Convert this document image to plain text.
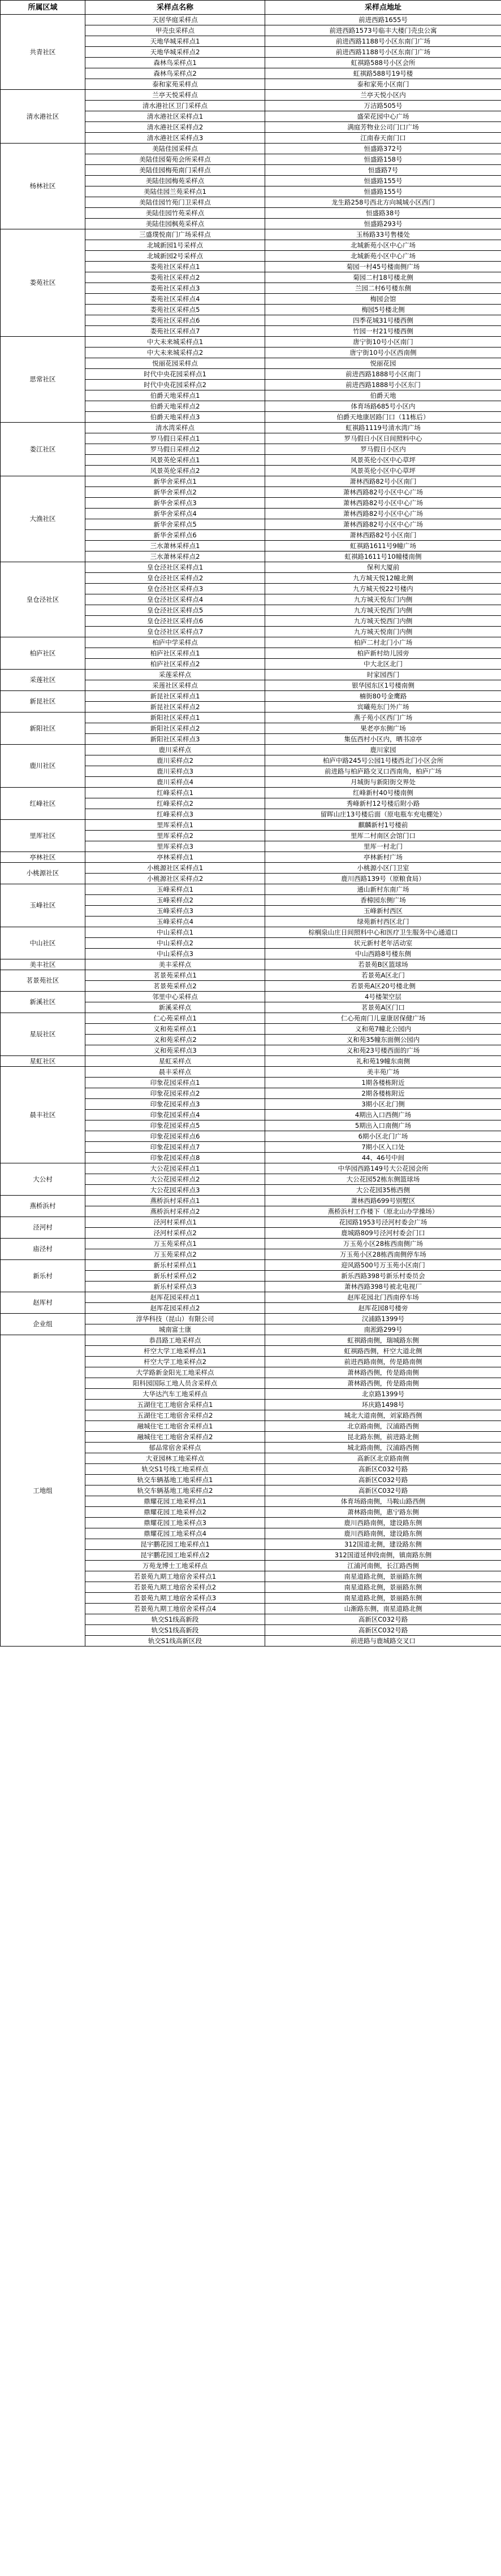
所属区域	采样点名称	采样点地址
共青社区	天居华庭采样点	前进西路1655号
	甲壳虫采样点	前进西路1573号临丰大楼门壳虫公寓
	天地华城采样点1	前进西路1188号小区东南门广场
	天地华城采样点2	前进西路1188号小区东南门广场
	森林鸟采样点1	虹祺路588号小区会所
	森林鸟采样点2	虹祺路588号19号楼
	泰和家苑采样点	泰和家苑小区南门
清水港社区	兰亭天悦采样点	兰亭天悦小区内
	清水港社区卫门采样点	万洁路505号
	清水港社区采样点1	盛荣花园中心广场
	清水港社区采样点2	满庭芳物业公司门口广场
	清水港社区采样点3	江南春天南门口
杨林社区	美陆佳园采样点	恒盛路372号
	美陆佳园菊苑会所采样点	恒盛路158号
	美陆佳园梅苑南门采样点	恒盛路7号
	美陆佳园梅苑采样点	恒盛路155号
	美陆佳园兰苑采样点1	恒盛路155号
	美陆佳园竹苑门卫采样点	龙生路258号西北方向城城小区西门
	美陆佳园竹苑采样点	恒盛路38号
	美陆佳园枫苑采样点	恒盛路293号
娄苑社区	三盛璞悦南门广场采样点	玉杨路33号售楼处
	北城新园1号采样点	北城新苑小区中心广场
	北城新园2号采样点	北城新苑小区中心广场
	娄苑社区采样点1	菊园一村45号楼南侧广场
	娄苑社区采样点2	菊园二村18号楼北侧
	娄苑社区采样点3	兰园二村6号楼东侧
	娄苑社区采样点4	梅园会馆
	娄苑社区采样点5	梅园5号楼北侧
	娄苑社区采样点6	四季花城31号楼西侧
	娄苑社区采样点7	竹园一村21号楼西侧
思常社区	中大未来城采样点1	唐宁街10号小区南门
	中大未来城采样点2	唐宁街10号小区西南侧
	悦丽花园采样点	悦丽花园
	时代中央花园采样点1	前进西路1888号小区南门
	时代中央花园采样点2	前进西路1888号小区东门
	伯爵天地采样点1	伯爵天地
	伯爵天地采样点2	体育场路685号小区内
	伯爵天地采样点3	伯爵天地康居路门口（11栋后）
娄江社区	清水湾采样点	虹祺路1119号清水湾广场
	罗马假日采样点1	罗马假日小区日间照料中心
	罗马假日采样点2	罗马假日小区内
	风景英伦采样点1	风景英伦小区中心草坪
	风景英伦采样点2	风景英伦小区中心草坪
大渔社区	新华舍采样点1	萧林西路82号小区南门
	新华舍采样点2	萧林西路82号小区中心广场
	新华舍采样点3	萧林西路82号小区中心广场
	新华舍采样点4	萧林西路82号小区中心广场
	新华舍采样点5	萧林西路82号小区中心广场
	新华舍采样点6	萧林西路82号小区南门
	三水萧林采样点1	虹祺路1611号9幢广场
	三水萧林采样点2	虹祺路1611号10幢楼南侧
皇仓泾社区	皇仓泾社区采样点1	保利大厦前
	皇仓泾社区采样点2	九方城天悦12幢北侧
	皇仓泾社区采样点3	九方城天悦22号楼内
	皇仓泾社区采样点4	九方城天悦东门内侧
	皇仓泾社区采样点5	九方城天悦西门内侧
	皇仓泾社区采样点6	九方城天悦西门内侧
	皇仓泾社区采样点7	九方城天悦南门内侧
柏庐社区	柏庐中学采样点	柏庐二村北门小广场
	柏庐社区采样点1	柏庐新村幼儿园旁
	柏庐社区采样点2	中大北区北门
采莲社区	采莲采样点	时家园西门
	采莲社区采样点	银华园东区1号楼南侧
新昆社区	新昆社区采样点1	楠街80号金鹰路
	新昆社区采样点2	宾曦苑东门外广场
新阳社区	新阳社区采样点1	燕子苑小区西门广场
	新阳社区采样点2	果老亭东侧广场
	新阳社区采样点3	集伍西村小区内，晒书凉亭
鹿川社区	鹿川采样点	鹿川家园
	鹿川采样点2	柏庐中路245号公园1号楼西北门小区会所
	鹿川采样点3	前进路与柏庐路交叉口西南角，柏庐广场
	鹿川采样点4	月城街与新阳街交界处
红峰社区	红峰采样点1	红峰新村40号楼南侧
	红峰采样点2	秀峰新村12号楼后附小路
	红峰采样点3	留晖山庄13号楼后面（原电瓶车充电棚处）
里厍社区	里厍采样点1	麒麟新村1号楼前
	里厍采样点2	里厍二村南区会馆门口
	里厍采样点3	里厍一村北门
亭林社区	亭林采样点1	亭林新村广场
小桃源社区	小桃源社区采样点1	小桃源小区门卫室
	小桃源社区采样点2	鹿川西路139号（原粮食局）
玉峰社区	玉峰采样点1	通山新村东南广场
	玉峰采样点2	香樟园东侧广场
	玉峰采样点3	玉峰新村西区
	玉峰采样点4	绿苑新村西区北门
中山社区	中山采样点1	棕榈泉山庄日间照料中心和医疗卫生服务中心通道口
	中山采样点2	状元新村老年活动室
	中山采样点3	中山西路8号楼东侧
美丰社区	美丰采样点	若景苑B区篮球场
茗景苑社区	茗景苑采样点1	若景苑A区北门
	茗景苑采样点2	若景苑A区20号楼北侧
新溪社区	邻里中心采样点	4号楼架空层
	新溪采样点	茗景苑A区门口
星辰社区	仁心苑采样点1	仁心苑南门儿童康居保健广场
	义和苑采样点1	义和苑7幢北公园内
	义和苑采样点2	义和苑35幢东面侧公园内
	义和苑采样点3	义和苑23号楼西面的广场
星虹社区	星虹采样点	礼和苑19幢东南侧
晨丰社区	晨丰采样点	美丰苑广场
	印象花园采样点1	1期各楼栋附近
	印象花园采样点2	2期各楼栋附近
	印象花园采样点3	3期小区北门侧
	印象花园采样点4	4期出入口西侧广场
	印象花园采样点5	5期出入口南侧广场
	印象花园采样点6	6期小区北门广场
	印象花园采样点7	7期小区入口处
	印象花园采样点8	44、46号中间
大公村	大公花园采样点1	中华园西路149号大公花园会所
	大公花园采样点2	大公花园52栋东侧篮球场
	大公花园采样点3	大公花园35栋西侧
燕桥浜村	燕桥浜村采样点1	萧林西路699号别墅区
	燕桥浜村采样点2	燕桥浜村工作楼下（原北山办学操场）
泾河村	泾河村采样点1	花园路1953号泾河村委会广场
	泾河村采样点2	鹿城路809号泾河村委会门口
庙泾村	万玉苑采样点1	万玉苑小区28栋西南侧广场
	万玉苑采样点2	万玉苑小区28栋西南侧停车场
新乐村	新乐村采样点1	迎风路500号万玉苑小区南门
	新乐村采样点2	新乐西路398号新乐村委员会
	新乐村采样点3	萧林西路398号被北电视厂
赵厍村	赵厍花园采样点1	赵厍花园北门西南停车场
	赵厍花园采样点2	赵厍花园8号楼旁
企业组	淳华科技（昆山）有限公司	汉浦路1399号
	城南富士康	南淞路299号
工地组	恭昌路工地采样点	虹祺路南侧，瑞城路东侧
	杆空大学工地采样点1	虹祺路西侧，杆空大道北侧
	杆空大学工地采样点2	前进西路南侧，传是路南侧
	大学路新金阳光工地采样点	萧林路西侧，传是路南侧
	阳科园国际工地人员含采样点	萧林路西侧，传是路南侧
	大华达汽车工地采样点	北京路1399号
	五湖住宅工地宿舍采样点1	环庆路1498号
	五湖住宅工地宿舍采样点2	城北大道南侧，刘家路西侧
	融城住宅工地宿舍采样点1	北京路南侧，汉浦路西侧
	融城住宅工地宿舍采样点2	昆北路东侧，前进路北侧
	郁品常宿舍采样点	城北路南侧，汉浦路西侧
	大亚园林工地采样点	高新区北京路南侧
	轨交S1号线工地采样点	高新区C032号路
	轨交车辆基地工地采样点1	高新区C032号路
	轨交车辆基地工地采样点2	高新区C032号路
	鼎耀花园工地采样点1	体育场路南侧，马鞍山路西侧
	鼎耀花园工地采样点2	萧林路南侧，惠宁路东侧
	鼎耀花园工地采样点3	鹿川西路南侧，建设路东侧
	鼎耀花园工地采样点4	鹿川西路南侧，建设路东侧
	昆宇鹏花园工地采样点1	312国道北侧，建设路东侧
	昆宇鹏花园工地采样点2	312国道延伸段南侧，镇南路东侧
	万苑龙博士工地采样点	江浦河南侧，长江路西侧
	若景苑九期工地宿舍采样点1	南星道路北侧，景丽路东侧
	若景苑九期工地宿舍采样点2	南星道路北侧，景丽路东侧
	若景苑九期工地宿舍采样点3	南星道路北侧，景丽路东侧
	若景苑九期工地宿舍采样点4	山渐路东侧，南星道路北侧
	轨交S1线高新段	高新区C032号路
	轨交S1线高新段	高新区C032号路
	轨交S1线高新区段	前进路与鹿城路交叉口
